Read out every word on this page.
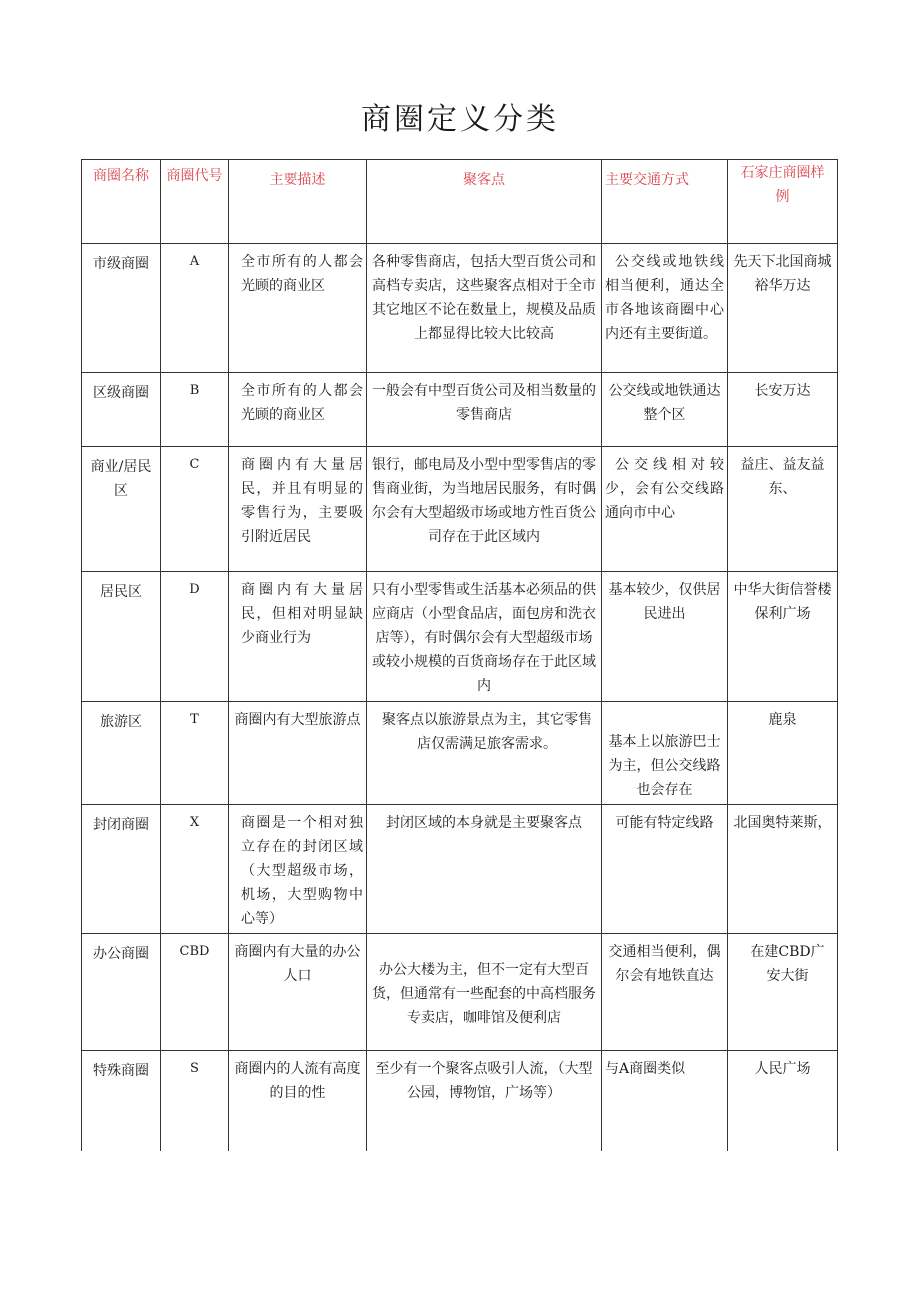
商圈定义分类
商圈名称	商圈代号	主要描述	聚客点	主要交通方式	石家庄商圈样例
市级商圈	A	全市所有的人都会光顾的商业区	各种零售商店，包括大型百货公司和高档专卖店，这些聚客点相对于全市其它地区不论在数量上，规模及品质上都显得比较大比较高	公交线或地铁线相当便利，通达全市各地该商圈中心内还有主要街道。	先天下北国商城裕华万达
区级商圈	B	全市所有的人都会光顾的商业区	一般会有中型百货公司及相当数量的零售商店	公交线或地铁通达整个区	长安万达
商业/居民区	C	商圈内有大量居民，并且有明显的零售行为，主要吸引附近居民	银行，邮电局及小型中型零售店的零售商业街，为当地居民服务，有时偶尔会有大型超级市场或地方性百货公司存在于此区域内	公交线相对较少，会有公交线路通向市中心	益庄、益友益东、
居民区	D	商圈内有大量居民，但相对明显缺少商业行为	只有小型零售或生活基本必须品的供应商店（小型食品店，面包房和洗衣店等），有时偶尔会有大型超级市场或较小规模的百货商场存在于此区域内	基本较少，仅供居民进出	中华大街信誉楼保利广场
旅游区	T	商圈内有大型旅游点	聚客点以旅游景点为主，其它零售店仅需满足旅客需求。	基本上以旅游巴士为主，但公交线路也会存在	鹿泉
封闭商圈	X	商圈是一个相对独立存在的封闭区域（大型超级市场，机场，大型购物中心等）	封闭区域的本身就是主要聚客点	可能有特定线路	北国奥特莱斯，
办公商圈	CBD	商圈内有大量的办公人口	办公大楼为主，但不一定有大型百货，但通常有一些配套的中高档服务专卖店，咖啡馆及便利店	交通相当便利，偶尔会有地铁直达	在建CBD广安大街
特殊商圈	S	商圈内的人流有高度的目的性	至少有一个聚客点吸引人流，（大型公园，博物馆，广场等）	与A商圈类似	人民广场
